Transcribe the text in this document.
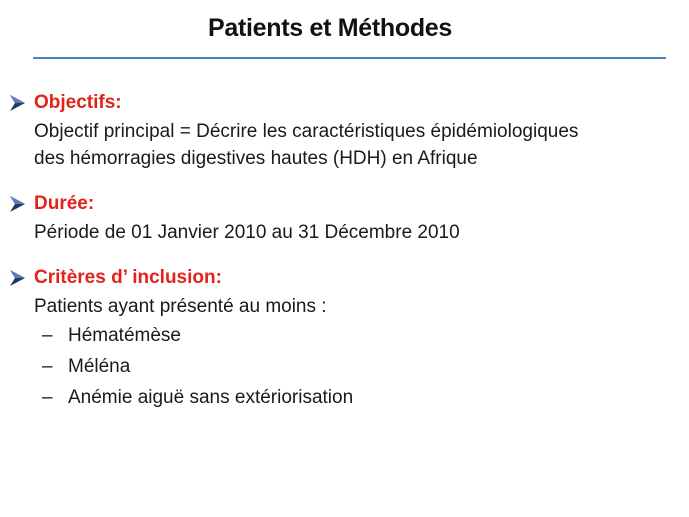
Patients et Méthodes
Objectifs:
Objectif principal = Décrire les caractéristiques épidémiologiques
des hémorragies digestives hautes (HDH) en Afrique
Durée:
Période de 01 Janvier 2010 au 31 Décembre 2010
Critères d’ inclusion:
Patients ayant présenté au moins :
– Hématémèse
– Méléna
– Anémie aiguë sans extériorisation
